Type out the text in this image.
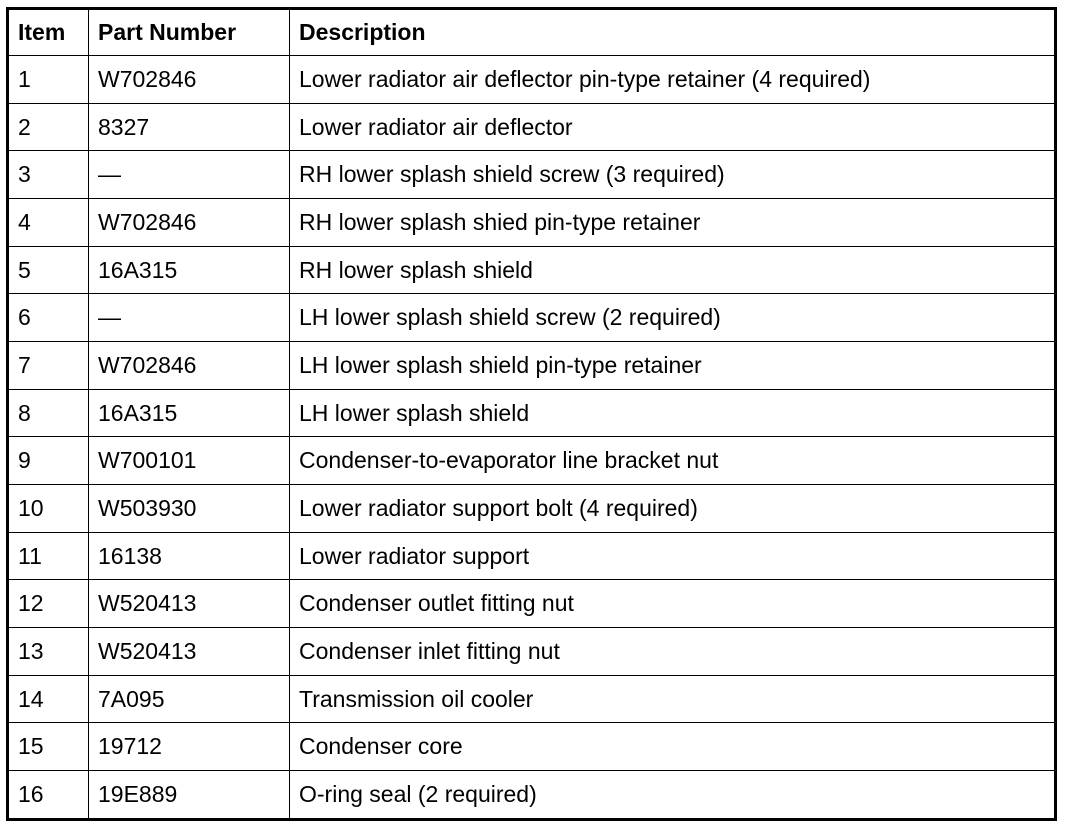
Item	Part Number	Description
1	W702846	Lower radiator air deflector pin-type retainer (4 required)
2	8327	Lower radiator air deflector
3	—	RH lower splash shield screw (3 required)
4	W702846	RH lower splash shied pin-type retainer
5	16A315	RH lower splash shield
6	—	LH lower splash shield screw (2 required)
7	W702846	LH lower splash shield pin-type retainer
8	16A315	LH lower splash shield
9	W700101	Condenser-to-evaporator line bracket nut
10	W503930	Lower radiator support bolt (4 required)
11	16138	Lower radiator support
12	W520413	Condenser outlet fitting nut
13	W520413	Condenser inlet fitting nut
14	7A095	Transmission oil cooler
15	19712	Condenser core
16	19E889	O-ring seal (2 required)
